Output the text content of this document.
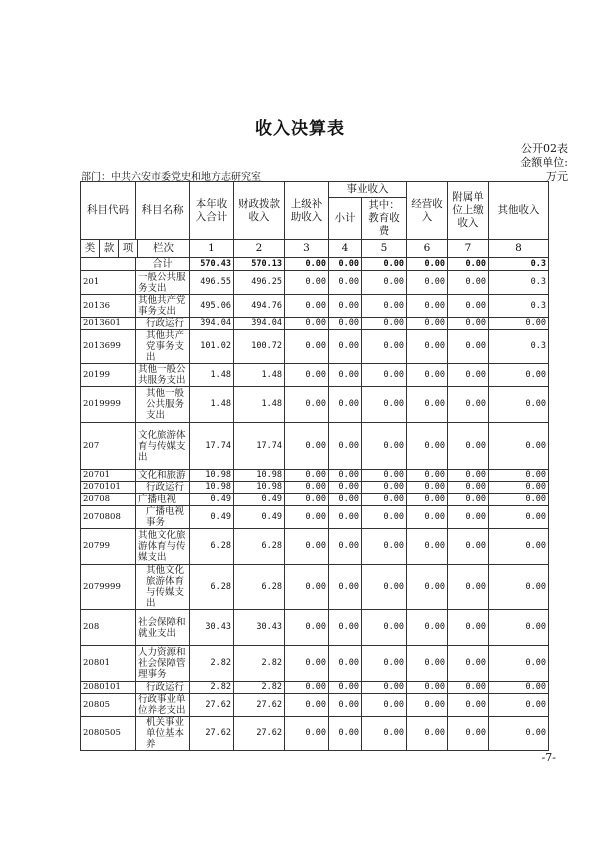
收入决算表
公开02表
金额单位:
部门：中共六安市委党史和地方志研究室	万元
科目代码	科目名称	本年收入合计	财政拨款收入	上级补助收入	事业收入		经营收入	附属单位上缴收入	其他收入
					小计	其中：教育收费			

类 款 项 栏次		1	2	3	4	5	6	7	8
	合计	570.43	570.13	0.00	0.00	0.00	0.00	0.00	0.3
201	一般公共服务支出	496.55	496.25	0.00	0.00	0.00	0.00	0.00	0.3
20136	其他共产党事务支出	495.06	494.76	0.00	0.00	0.00	0.00	0.00	0.3
2013601	行政运行	394.04	394.04	0.00	0.00	0.00	0.00	0.00	0.00
2013699	其他共产党事务支出	101.02	100.72	0.00	0.00	0.00	0.00	0.00	0.3
20199	其他一般公共服务支出	1.48	1.48	0.00	0.00	0.00	0.00	0.00	0.00
2019999	其他一般公共服务支出	1.48	1.48	0.00	0.00	0.00	0.00	0.00	0.00
207	文化旅游体育与传媒支出	17.74	17.74	0.00	0.00	0.00	0.00	0.00	0.00
20701	文化和旅游	10.98	10.98	0.00	0.00	0.00	0.00	0.00	0.00
2070101	行政运行	10.98	10.98	0.00	0.00	0.00	0.00	0.00	0.00
20708	广播电视	0.49	0.49	0.00	0.00	0.00	0.00	0.00	0.00
2070808	广播电视事务	0.49	0.49	0.00	0.00	0.00	0.00	0.00	0.00
20799	其他文化旅游体育与传媒支出	6.28	6.28	0.00	0.00	0.00	0.00	0.00	0.00
2079999	其他文化旅游体育与传媒支出	6.28	6.28	0.00	0.00	0.00	0.00	0.00	0.00
208	社会保障和就业支出	30.43	30.43	0.00	0.00	0.00	0.00	0.00	0.00
20801	人力资源和社会保障管理事务	2.82	2.82	0.00	0.00	0.00	0.00	0.00	0.00
2080101	行政运行	2.82	2.82	0.00	0.00	0.00	0.00	0.00	0.00
20805	行政事业单位养老支出	27.62	27.62	0.00	0.00	0.00	0.00	0.00	0.00
2080505	机关事业单位基本养	27.62	27.62	0.00	0.00	0.00	0.00	0.00	0.00
-7-
